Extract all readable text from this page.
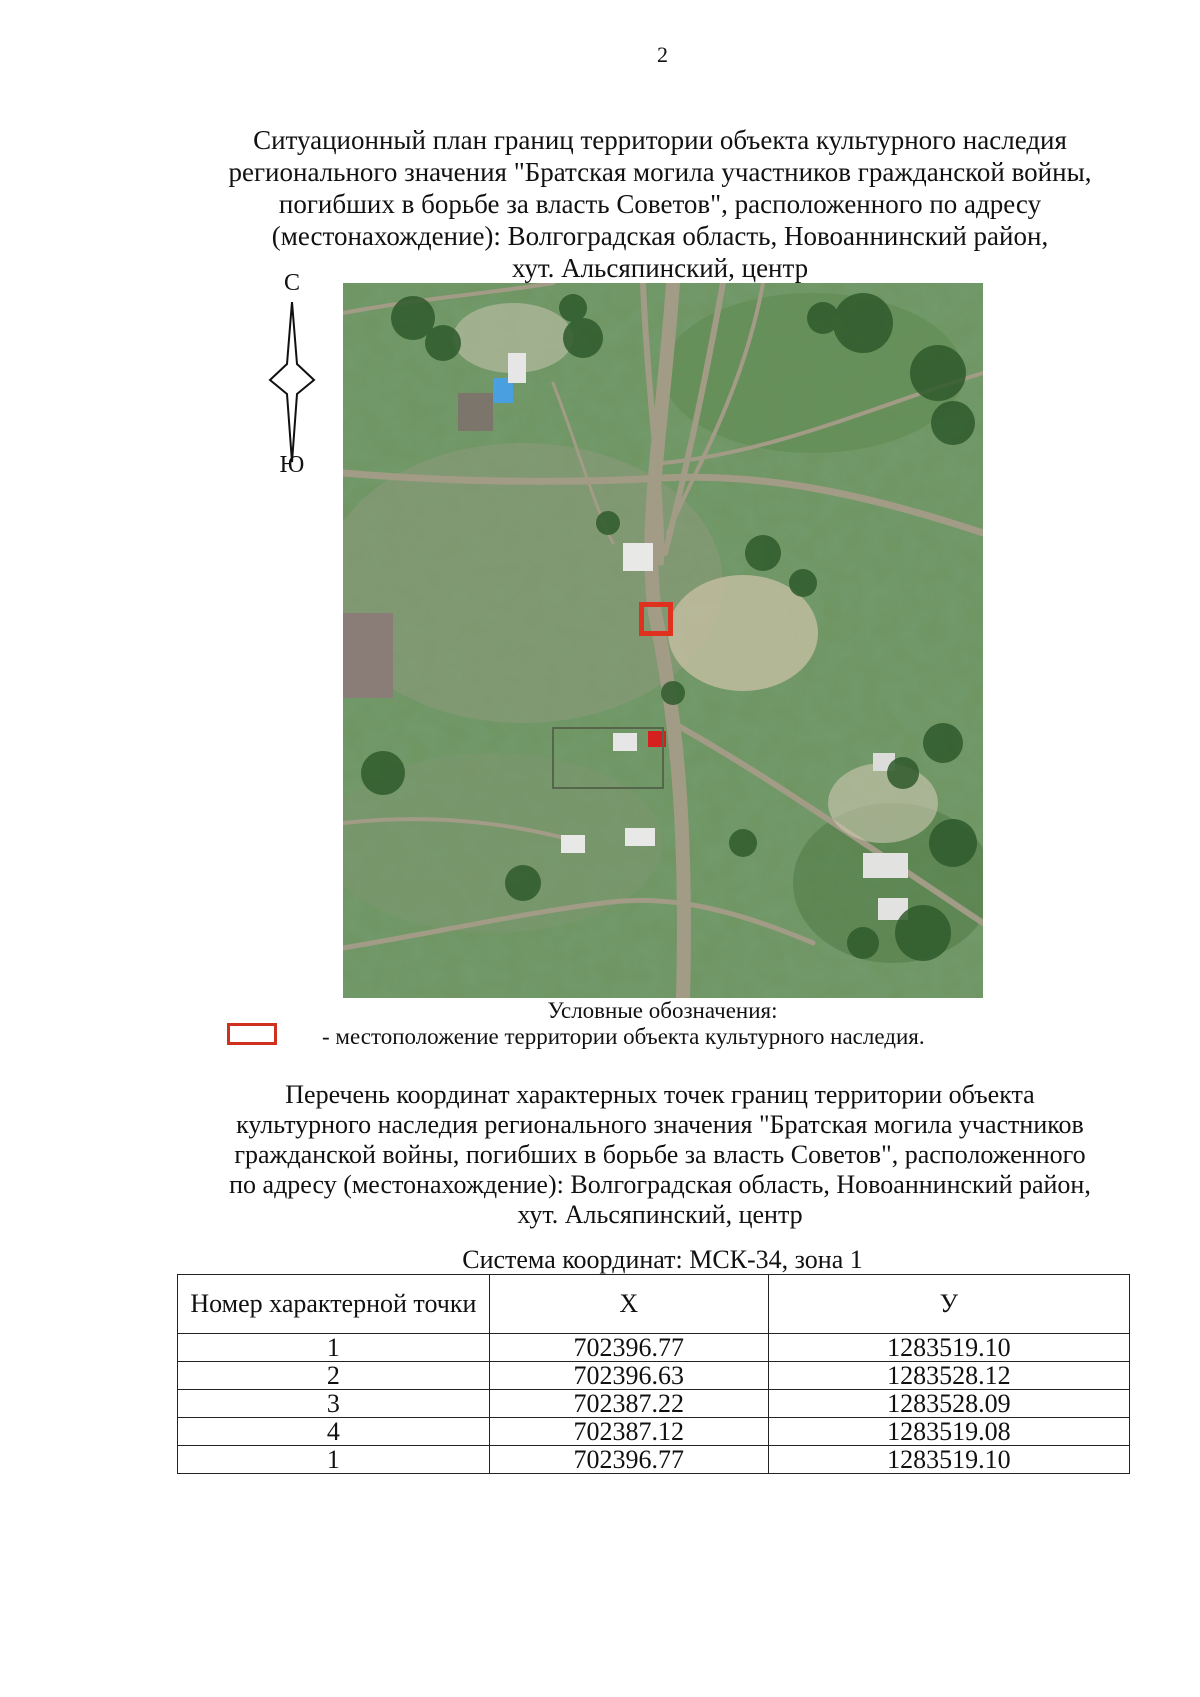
2
Ситуационный план границ территории объекта культурного наследия
регионального значения "Братская могила участников гражданской войны,
погибших в борьбе за власть Советов", расположенного по адресу
(местонахождение): Волгоградская область, Новоаннинский район,
хут. Альсяпинский, центр
С
Ю
Условные обозначения:
- местоположение территории объекта культурного наследия.
Перечень координат характерных точек границ территории объекта
культурного наследия регионального значения "Братская могила участников
гражданской войны, погибших в борьбе за власть Советов", расположенного
по адресу (местонахождение): Волгоградская область, Новоаннинский район,
хут. Альсяпинский, центр
Система координат: МСК-34, зона 1
Номер характерной точки	X	У
1	702396.77	1283519.10
2	702396.63	1283528.12
3	702387.22	1283528.09
4	702387.12	1283519.08
1	702396.77	1283519.10
